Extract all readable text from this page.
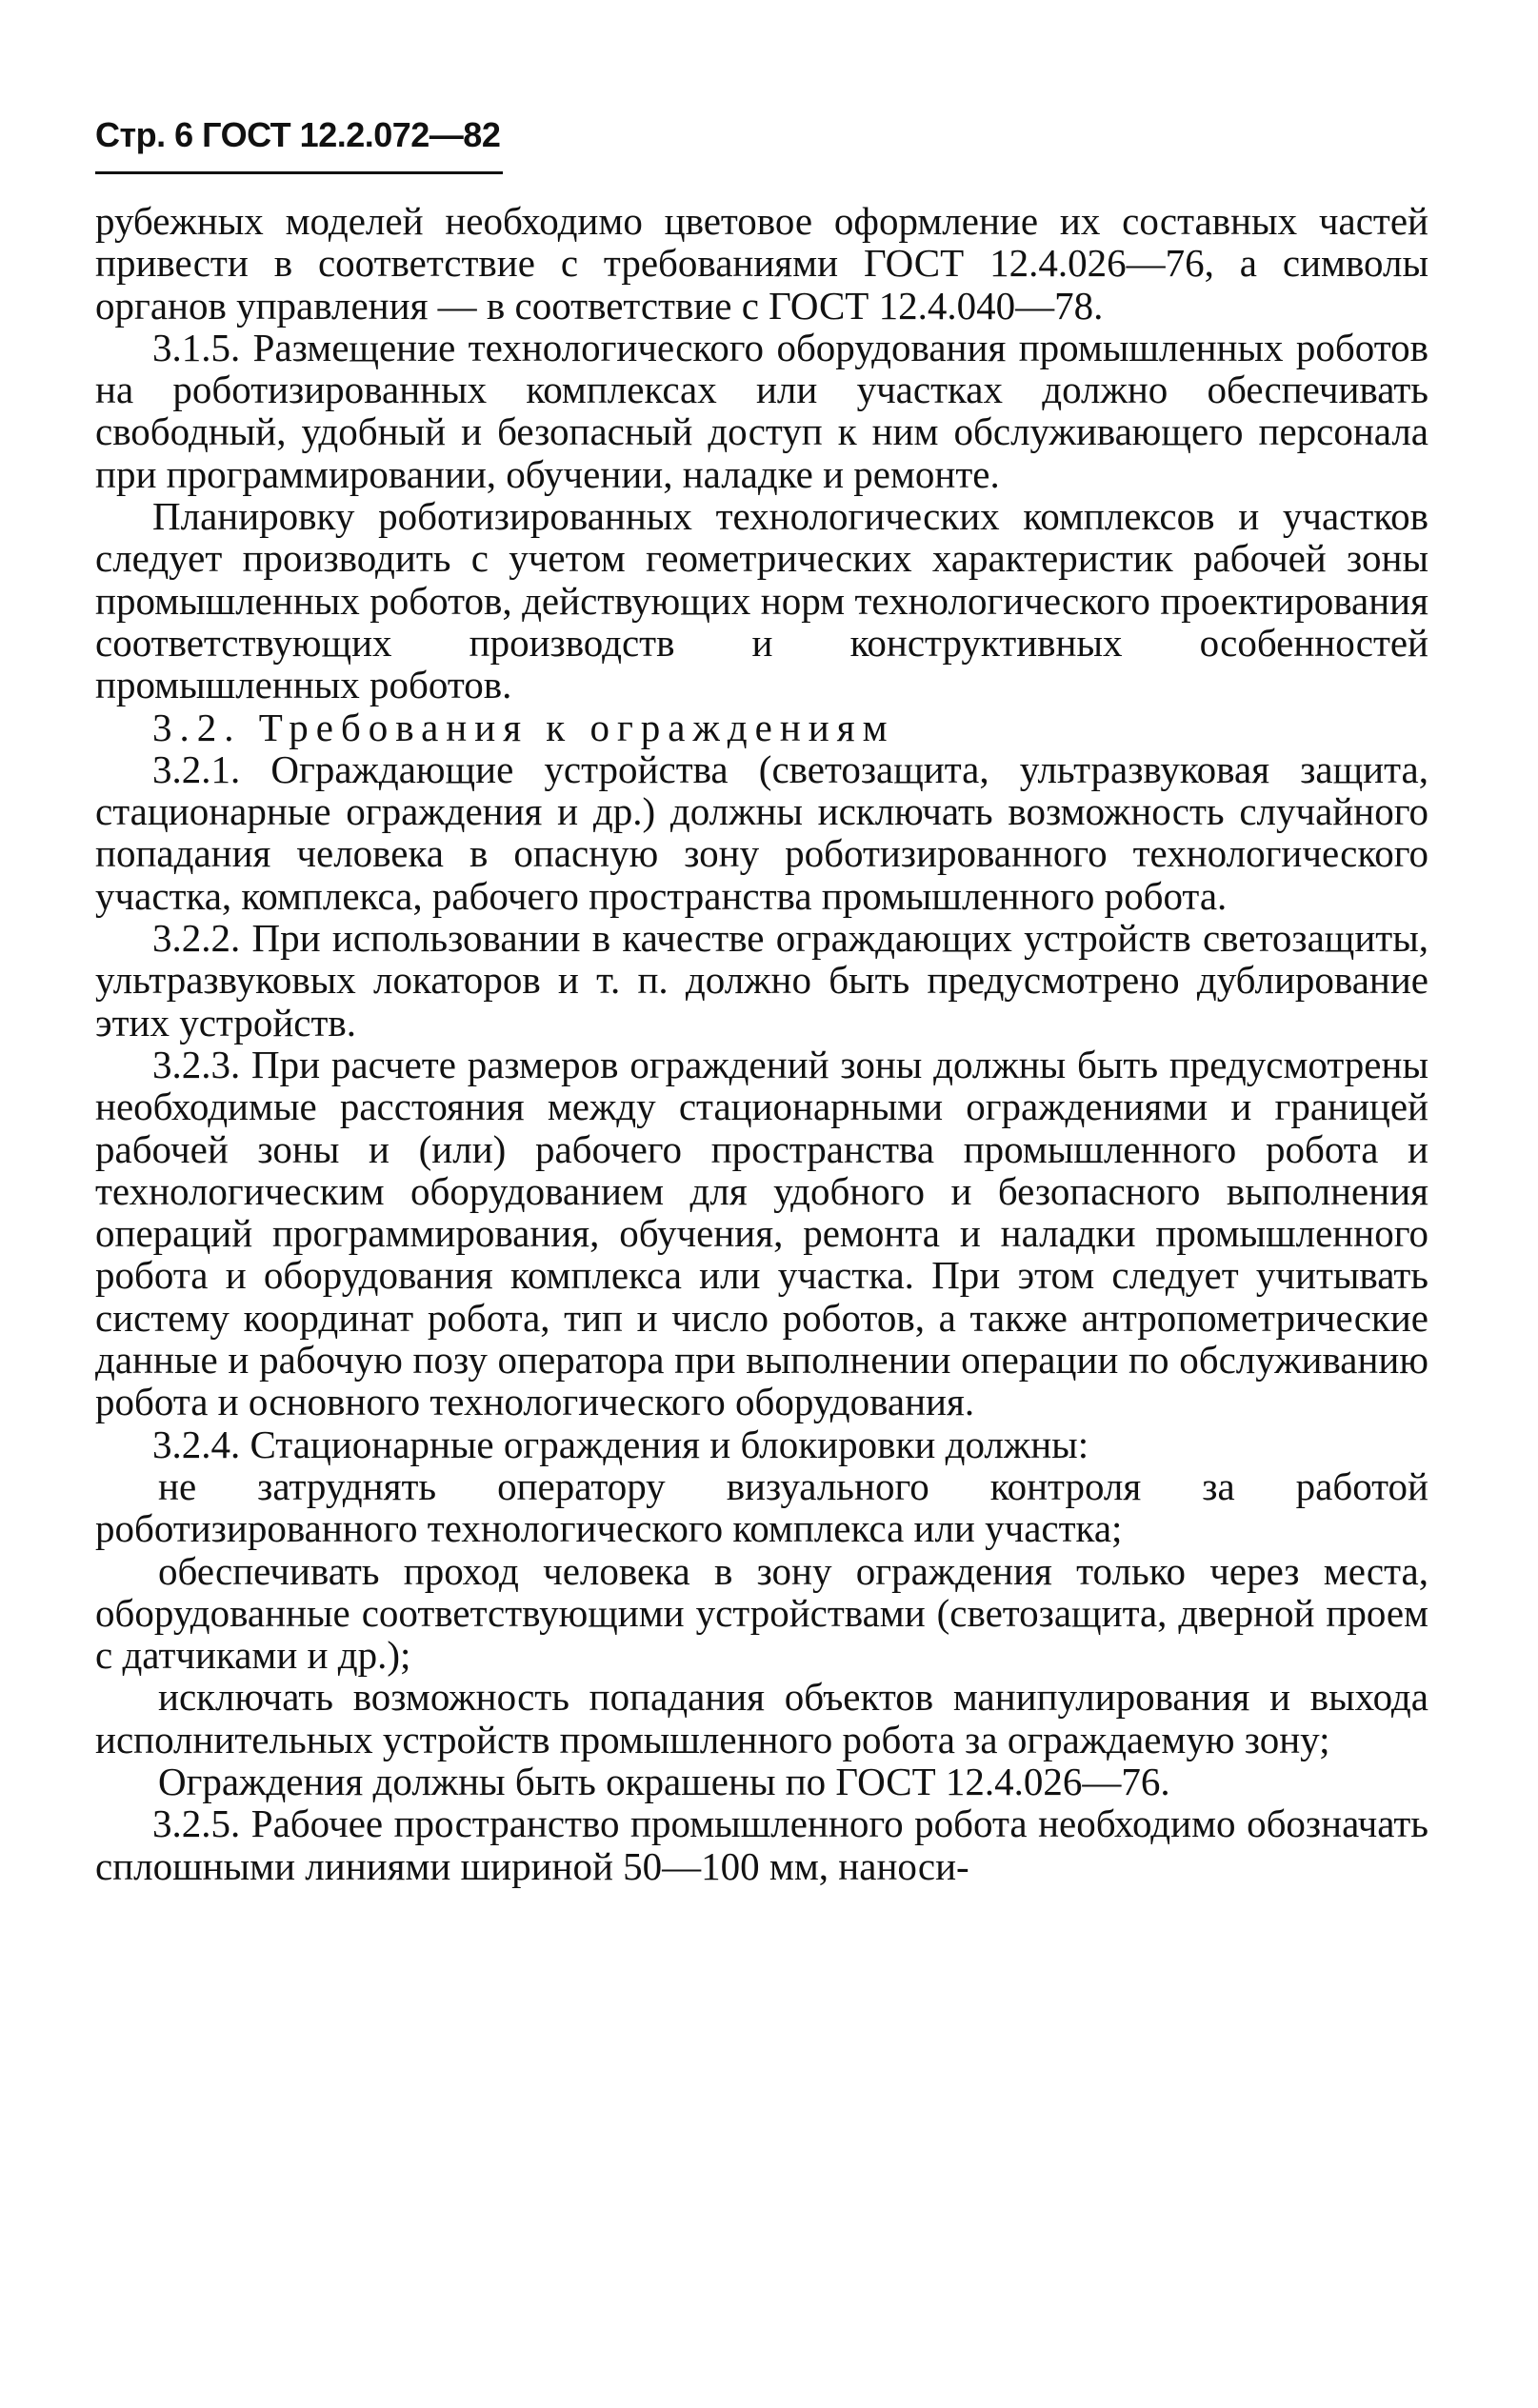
Стр. 6 ГОСТ 12.2.072—82

рубежных моделей необходимо цветовое оформление их составных частей привести в соответствие с требованиями ГОСТ 12.4.026—76, а символы органов управления — в соответствие с ГОСТ 12.4.040—78.

3.1.5. Размещение технологического оборудования промышленных роботов на роботизированных комплексах или участках должно обеспечивать свободный, удобный и безопасный доступ к ним обслуживающего персонала при программировании, обучении, наладке и ремонте.

Планировку роботизированных технологических комплексов и участков следует производить с учетом геометрических характеристик рабочей зоны промышленных роботов, действующих норм технологического проектирования соответствующих производств и конструктивных особенностей промышленных роботов.

3.2. Требования к ограждениям

3.2.1. Ограждающие устройства (светозащита, ультразвуковая защита, стационарные ограждения и др.) должны исключать возможность случайного попадания человека в опасную зону роботизированного технологического участка, комплекса, рабочего пространства промышленного робота.

3.2.2. При использовании в качестве ограждающих устройств светозащиты, ультразвуковых локаторов и т. п. должно быть предусмотрено дублирование этих устройств.

3.2.3. При расчете размеров ограждений зоны должны быть предусмотрены необходимые расстояния между стационарными ограждениями и границей рабочей зоны и (или) рабочего пространства промышленного робота и технологическим оборудованием для удобного и безопасного выполнения операций программирования, обучения, ремонта и наладки промышленного робота и оборудования комплекса или участка. При этом следует учитывать систему координат робота, тип и число роботов, а также антропометрические данные и рабочую позу оператора при выполнении операции по обслуживанию робота и основного технологического оборудования.

3.2.4. Стационарные ограждения и блокировки должны:

не затруднять оператору визуального контроля за работой роботизированного технологического комплекса или участка;

обеспечивать проход человека в зону ограждения только через места, оборудованные соответствующими устройствами (светозащита, дверной проем с датчиками и др.);

исключать возможность попадания объектов манипулирования и выхода исполнительных устройств промышленного робота за ограждаемую зону;

Ограждения должны быть окрашены по ГОСТ 12.4.026—76.

3.2.5. Рабочее пространство промышленного робота необходимо обозначать сплошными линиями шириной 50—100 мм, наноси-
